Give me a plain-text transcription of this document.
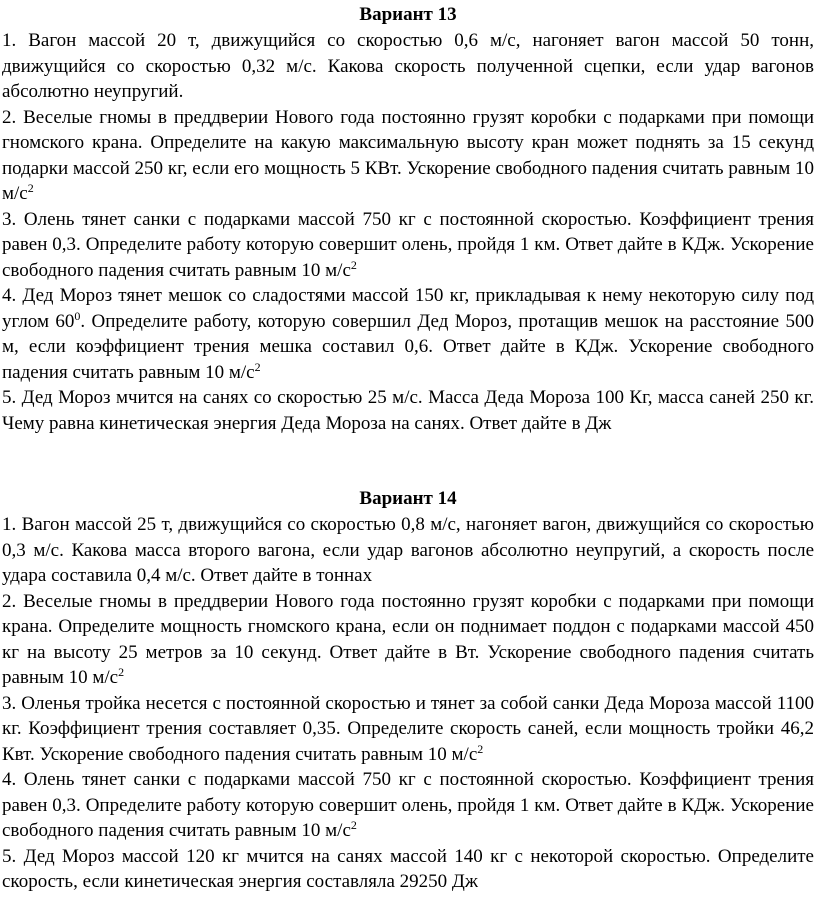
Вариант 13
1. Вагон массой 20 т, движущийся со скоростью 0,6 м/с, нагоняет вагон массой 50 тонн, движущийся со скоростью 0,32 м/с. Какова скорость полученной сцепки, если удар вагонов абсолютно неупругий.
2. Веселые гномы в преддверии Нового года постоянно грузят коробки с подарками при помощи гномского крана. Определите на какую максимальную высоту кран может поднять за 15 секунд подарки массой 250 кг, если его мощность 5 КВт. Ускорение свободного падения считать равным 10 $м/с^2$
3. Олень тянет санки с подарками массой 750 кг с постоянной скоростью. Коэффициент трения равен 0,3. Определите работу которую совершит олень, пройдя 1 км. Ответ дайте в КДж. Ускорение свободного падения считать равным 10 $м/с^2$
4. Дед Мороз тянет мешок со сладостями массой 150 кг, прикладывая к нему некоторую силу под углом $60^0$. Определите работу, которую совершил Дед Мороз, протащив мешок на расстояние 500 м, если коэффициент трения мешка составил 0,6. Ответ дайте в КДж. Ускорение свободного падения считать равным 10 $м/с^2$
5. Дед Мороз мчится на санях со скоростью 25 м/с. Масса Деда Мороза 100 Кг, масса саней 250 кг. Чему равна кинетическая энергия Деда Мороза на санях. Ответ дайте в Дж
Вариант 14
1. Вагон массой 25 т, движущийся со скоростью 0,8 м/с, нагоняет вагон, движущийся со скоростью 0,3 м/с. Какова масса второго вагона, если удар вагонов абсолютно неупругий, а скорость после удара составила 0,4 м/с. Ответ дайте в тоннах
2. Веселые гномы в преддверии Нового года постоянно грузят коробки с подарками при помощи крана. Определите мощность гномского крана, если он поднимает поддон с подарками массой 450 кг на высоту 25 метров за 10 секунд. Ответ дайте в Вт. Ускорение свободного падения считать равным 10 $м/с^2$
3. Оленья тройка несется с постоянной скоростью и тянет за собой санки Деда Мороза массой 1100 кг. Коэффициент трения составляет 0,35. Определите скорость саней, если мощность тройки 46,2 Квт. Ускорение свободного падения считать равным 10 $м/с^2$
4. Олень тянет санки с подарками массой 750 кг с постоянной скоростью. Коэффициент трения равен 0,3. Определите работу которую совершит олень, пройдя 1 км. Ответ дайте в КДж. Ускорение свободного падения считать равным 10 $м/с^2$
5. Дед Мороз массой 120 кг мчится на санях массой 140 кг с некоторой скоростью. Определите скорость, если кинетическая энергия составляла 29250 Дж
